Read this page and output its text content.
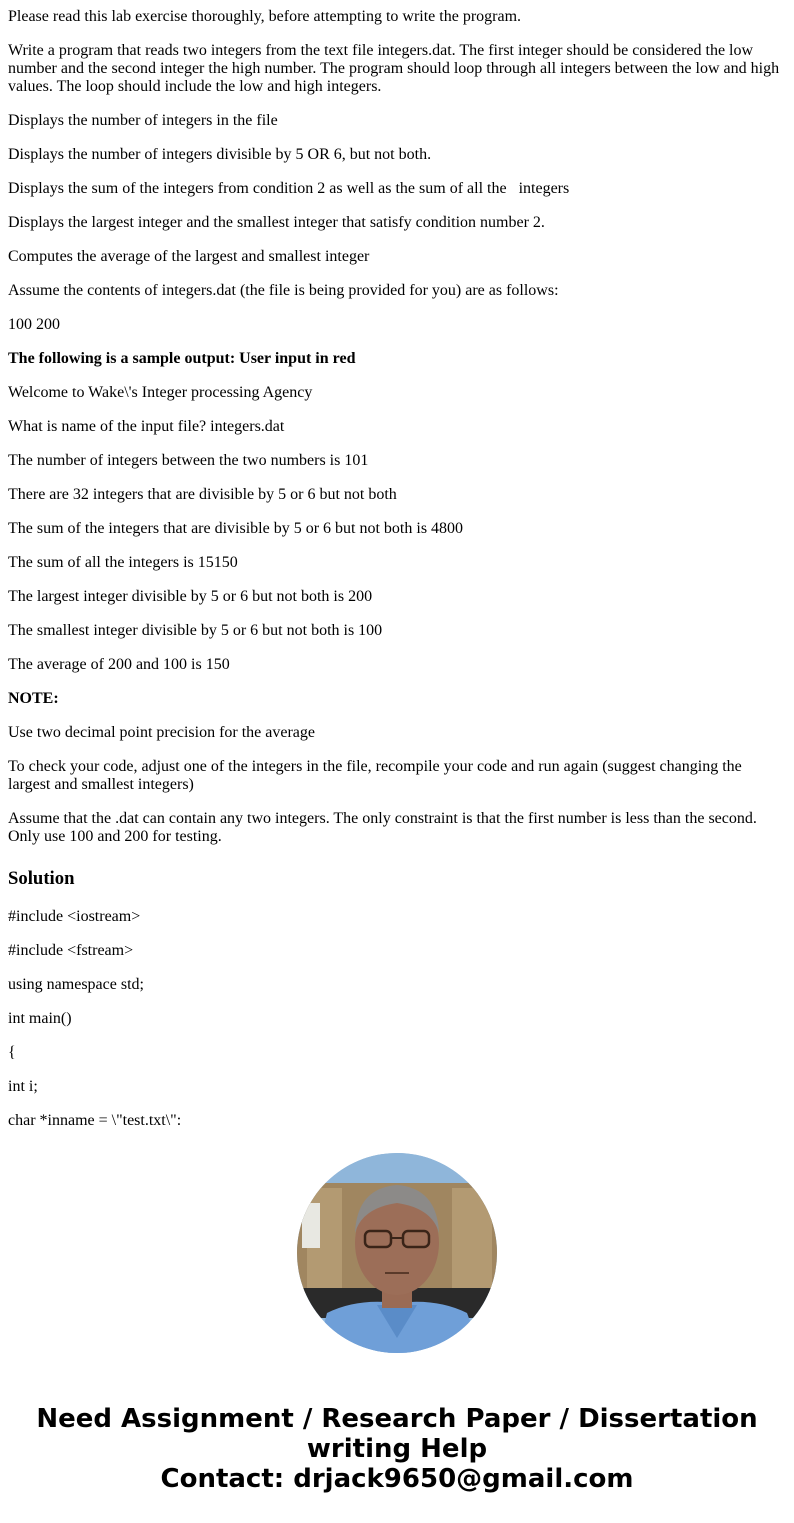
Please read this lab exercise thoroughly, before attempting to write the program.

Write a program that reads two integers from the text file integers.dat. The first integer should be considered the low number and the second integer the high number. The program should loop through all integers between the low and high values. The loop should include the low and high integers.

Displays the number of integers in the file

Displays the number of integers divisible by 5 OR 6, but not both.

Displays the sum of the integers from condition 2 as well as the sum of all the   integers

Displays the largest integer and the smallest integer that satisfy condition number 2.

Computes the average of the largest and smallest integer

Assume the contents of integers.dat (the file is being provided for you) are as follows:

100 200

The following is a sample output: User input in red

Welcome to Wake\'s Integer processing Agency

What is name of the input file? integers.dat

The number of integers between the two numbers is 101

There are 32 integers that are divisible by 5 or 6 but not both

The sum of the integers that are divisible by 5 or 6 but not both is 4800

The sum of all the integers is 15150

The largest integer divisible by 5 or 6 but not both is 200

The smallest integer divisible by 5 or 6 but not both is 100

The average of 200 and 100 is 150

NOTE:

Use two decimal point precision for the average

To check your code, adjust one of the integers in the file, recompile your code and run again (suggest changing the largest and smallest integers)

Assume that the .dat can contain any two integers. The only constraint is that the first number is less than the second. Only use 100 and 200 for testing.

Solution

#include <iostream>

#include <fstream>

using namespace std;

int main()

{

int i;

char *inname = \"test.txt\":

Need Assignment / Research Paper / Dissertation
writing Help
Contact: drjack9650@gmail.com
